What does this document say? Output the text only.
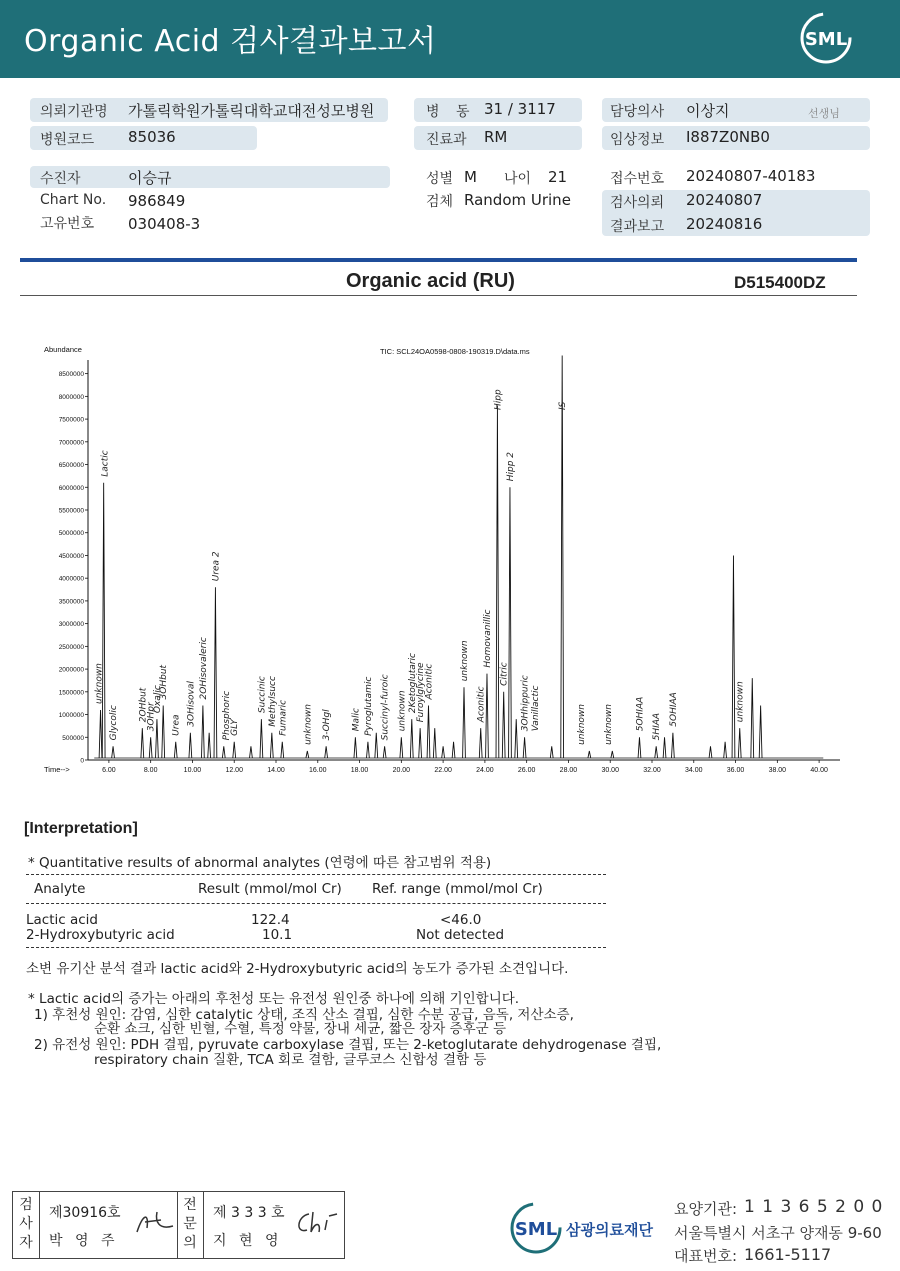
Organic Acid 검사결과보고서	SML
의뢰기관명 가톨릭학원가톨릭대학교대전성모병원
병원코드 85036
병 동 31 / 3117
진료과 RM
담당의사 이상지	선생님
임상정보 I887Z0NB0
수진자	이승규
Chart No. 986849
고유번호 030408-3
성별 M 나이 21
검체 Random Urine
접수번호 20240807-40183
검사의뢰 20240807
결과보고 20240816
Organic acid (RU)	D515400DZ
TIC: SCL24OA0598-0808-190319.D\data.ms
Abundance
Time-->
0
500000
1000000
1500000
2000000
2500000
3000000
3500000
4000000
4500000
5000000
5500000
6000000
6500000
7000000
7500000
8000000
8500000
6.00	8.00	10.00	12.00	14.00	16.00	18.00	20.00	22.00	24.00	26.00	28.00	30.00	32.00	34.00	36.00	38.00	40.00
unknown
Lactic
Glycolic
2OHbut
3OHpr
Oxalic
3OHbut
Urea 3OHisoval
2OHisovaleric
Urea 2
Phosphoric
GLY
Succinic Methylsucc Fumaric unknown 3-OHgl Malic Pyroglutamic Succinyl-furoic unknown 2Ketoglutaric
Furoylglycine
Aconitic
unknown
Aconitic
Homovanillic
Hipp
Citric
Hipp 2
3OHhippuric Vanillactic
IS
unknown unknown 5OHIAA 5HIAA 5OHIAA	unknown
[Interpretation]
* Quantitative results of abnormal analytes (연령에 따른 참고범위 적용)
Analyte	Result (mmol/mol Cr) Ref. range (mmol/mol Cr)
Lactic acid	122.4	<46.0
2-Hydroxybutyric acid	10.1	Not detected
소변 유기산 분석 결과 lactic acid와 2-Hydroxybutyric acid의 농도가 증가된 소견입니다.
* Lactic acid의 증가는 아래의 후천성 또는 유전성 원인중 하나에 의해 기인합니다.
1) 후천성 원인: 감염, 심한 catalytic 상태, 조직 산소 결핍, 심한 수분 공급, 음독, 저산소증,
순환 쇼크, 심한 빈혈, 수혈, 특정 약물, 장내 세균, 짧은 장자 증후군 등
2) 유전성 원인: PDH 결핍, pyruvate carboxylase 결핍, 또는 2-ketoglutarate dehydrogenase 결핍,
respiratory chain 질환, TCA 회로 결함, 글루코스 신합성 결함 등
검
사
자
제30916호
박 영 주
전
문
의
제 3 3 3 호
지 현 영
SML 삼광의료재단
요양기관: 1 1 3 6 5 2 0 0
서울특별시 서초구 양재동 9-60
대표번호: 1661-5117
